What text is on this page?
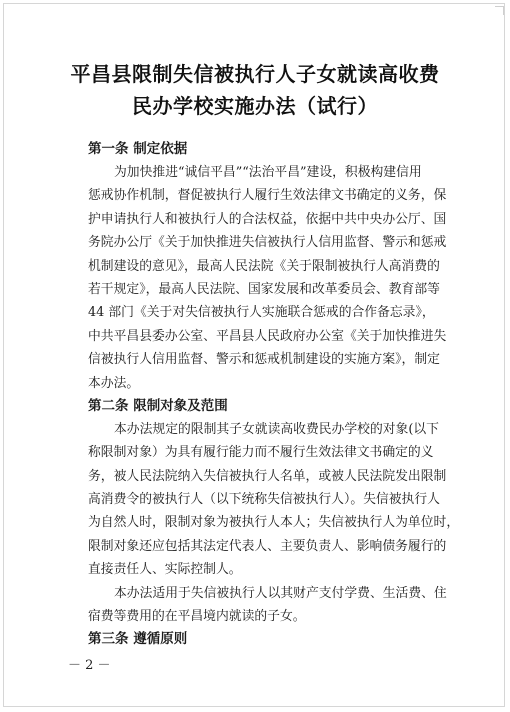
平昌县限制失信被执行人子女就读高收费
民办学校实施办法（试行）
第一条 制定依据
为加快推进“诚信平昌”“法治平昌”建设，积极构建信用
惩戒协作机制，督促被执行人履行生效法律文书确定的义务，保
护申请执行人和被执行人的合法权益，依据中共中央办公厅、国
务院办公厅《关于加快推进失信被执行人信用监督、警示和惩戒
机制建设的意见》，最高人民法院《关于限制被执行人高消费的
若干规定》，最高人民法院、国家发展和改革委员会、教育部等
44 部门《关于对失信被执行人实施联合惩戒的合作备忘录》，
中共平昌县委办公室、平昌县人民政府办公室《关于加快推进失
信被执行人信用监督、警示和惩戒机制建设的实施方案》，制定
本办法。
第二条 限制对象及范围
本办法规定的限制其子女就读高收费民办学校的对象(以下
称限制对象）为具有履行能力而不履行生效法律文书确定的义
务，被人民法院纳入失信被执行人名单，或被人民法院发出限制
高消费令的被执行人（以下统称失信被执行人）。失信被执行人
为自然人时，限制对象为被执行人本人；失信被执行人为单位时，
限制对象还应包括其法定代表人、主要负责人、影响债务履行的
直接责任人、实际控制人。
本办法适用于失信被执行人以其财产支付学费、生活费、住
宿费等费用的在平昌境内就读的子女。
第三条 遵循原则
－ 2 －
